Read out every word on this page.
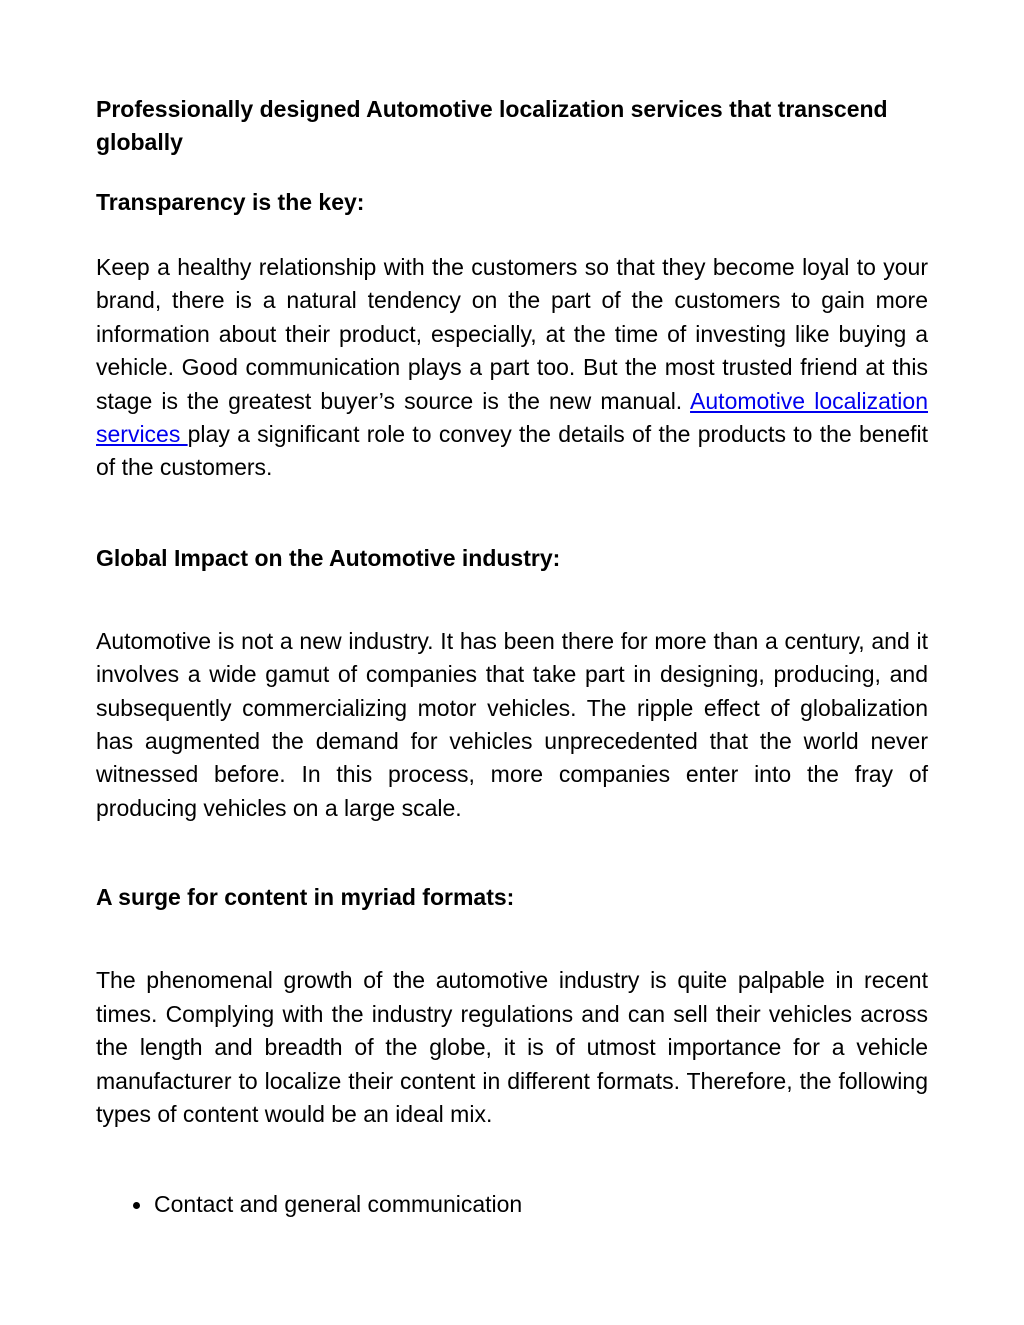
Professionally designed Automotive localization services that transcend globally
Transparency is the key:

Keep a healthy relationship with the customers so that they become loyal to your brand, there is a natural tendency on the part of the customers to gain more information about their product, especially, at the time of investing like buying a vehicle. Good communication plays a part too. But the most trusted friend at this stage is the greatest buyer’s source is the new manual. Automotive localization services play a significant role to convey the details of the products to the benefit of the customers.

Global Impact on the Automotive industry:

Automotive is not a new industry. It has been there for more than a century, and it involves a wide gamut of companies that take part in designing, producing, and subsequently commercializing motor vehicles. The ripple effect of globalization has augmented the demand for vehicles unprecedented that the world never witnessed before. In this process, more companies enter into the fray of producing vehicles on a large scale.

A surge for content in myriad formats:

The phenomenal growth of the automotive industry is quite palpable in recent times. Complying with the industry regulations and can sell their vehicles across the length and breadth of the globe, it is of utmost importance for a vehicle manufacturer to localize their content in different formats. Therefore, the following types of content would be an ideal mix.

Contact and general communication
